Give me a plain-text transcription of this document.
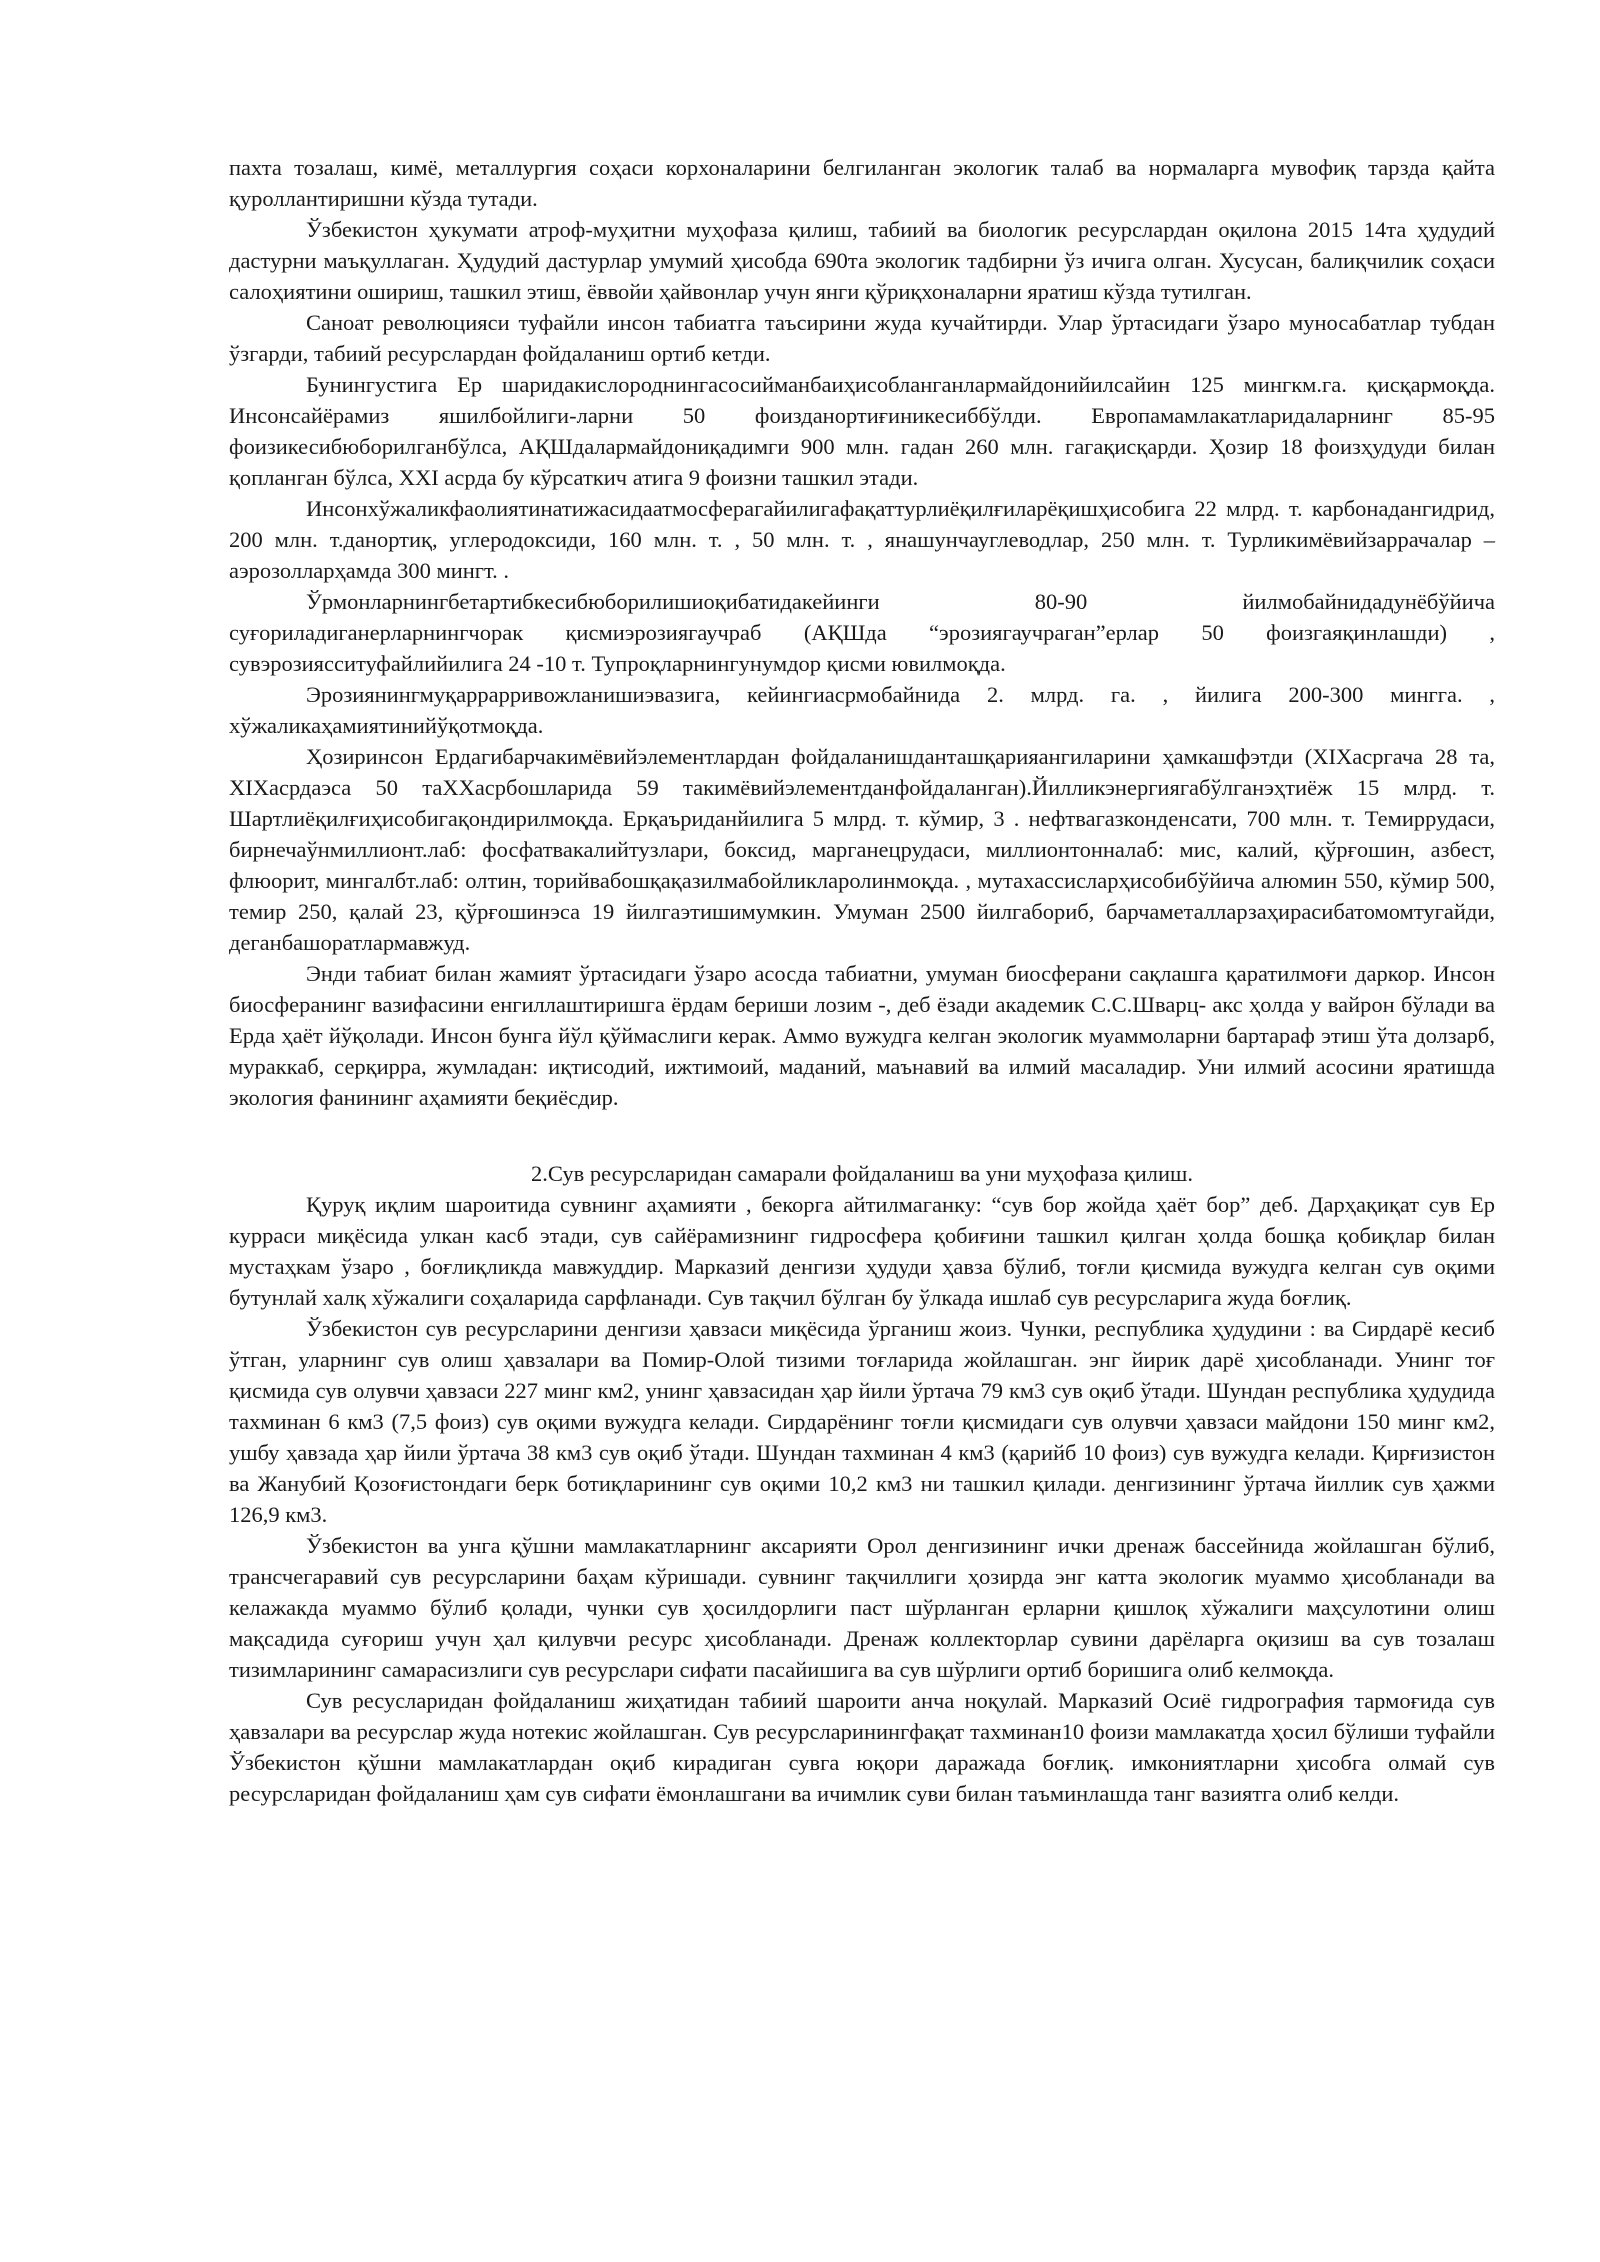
пахта тозалаш, кимё, металлургия соҳаси корхоналарини белгиланган экологик талаб ва нормаларга мувофиқ тарзда қайта қуроллантиришни кўзда тутади.

Ўзбекистон ҳукумати атроф-муҳитни муҳофаза қилиш, табиий ва биологик ресурслардан оқилона 2015 14та ҳудудий дастурни маъқуллаган. Ҳудудий дастурлар умумий ҳисобда 690та экологик тадбирни ўз ичига олган. Хусусан, балиқчилик соҳаси салоҳиятини ошириш, ташкил этиш, ёввойи ҳайвонлар учун янги қўриқхоналарни яратиш кўзда тутилган.

Саноат революцияси туфайли инсон табиатга таъсирини жуда кучайтирди. Улар ўртасидаги ўзаро муносабатлар тубдан ўзгарди, табиий ресурслардан фойдаланиш ортиб кетди.

Бунингустига Ер шаридакислороднингасосийманбаиҳисобланганлармайдонийилсайин 125 мингкм.га. қисқармоқда. Инсонсайёрамиз яшилбойлиги-ларни 50 фоизданортиғиникесиббўлди. Европамамлакатларидаларнинг 85-95 фоизикесибюборилганбўлса, АҚШдалармайдониқадимги 900 млн. гадан 260 млн. гагақисқарди. Ҳозир 18 фоизҳудуди билан қопланган бўлса, XXI асрда бу кўрсаткич атига 9 фоизни ташкил этади.

Инсонхўжаликфаолиятинатижасидаатмосферагайилигафақаттурлиёқилғиларёқишҳисобига 22 млрд. т. карбонадангидрид, 200 млн. т.данортиқ, углеродоксиди, 160 млн. т. , 50 млн. т. , янашунчауглеводлар, 250 млн. т. Турликимёвийзаррачалар – аэрозолларҳамда 300 мингт. .

Ўрмонларнингбетартибкесибюборилишиоқибатидакейинги 80-90 йилмобайнидадунёбўйича суғориладиганерларнингчорак қисмиэрозиягаучраб (АҚШда “эрозиягаучраган”ерлар 50 фоизгаяқинлашди) , сувэрозиясситуфайлийилига 24 -10 т. Тупроқларнингунумдор қисми ювилмоқда.

Эрозиянингмуқаррарривожланишиэвазига, кейингиасрмобайнида 2. млрд. га. , йилига 200-300 мингга. , хўжаликаҳамиятинийўқотмоқда.

Ҳозиринсон Ердагибарчакимёвийэлементлардан фойдаланишданташқарияангиларини ҳамкашфэтди (XIXасргача 28 та, XIXасрдаэса 50 таXXасрбошларида 59 такимёвийэлементданфойдаланган).Йилликэнергиягабўлганэҳтиёж 15 млрд. т. Шартлиёқилғиҳисобигақондирилмоқда. Ерқаъридaнйилига 5 млрд. т. кўмир, 3 . нефтвагазконденсати, 700 млн. т. Темиррудаси, бирнечаўнмиллионт.лаб: фосфатвакалийтузлари, боксид, марганецрудаси, миллионтонналаб: мис, калий, қўрғошин, азбест, флюорит, мингалбт.лаб: олтин, торийвабошқақазилмабойликларолинмоқда. , мутахассисларҳисобибўйича алюмин 550, кўмир 500, темир 250, қалай 23, қўрғошинэса 19 йилгаэтишимумкин. Умуман 2500 йилгабориб, барчаметалларзаҳирасибатомомтугайди, деганбашоратлармавжуд.

Энди табиат билан жамият ўртасидаги ўзаро асосда табиатни, умуман биосферани сақлашга қаратилмоғи даркор. Инсон биосферанинг вазифасини енгиллаштиришга ёрдам бериши лозим -, деб ёзади академик С.С.Шварц- акс ҳолда у вайрон бўлади ва Ерда ҳаёт йўқолади. Инсон бунга йўл қўймаслиги керак. Аммо вужудга келган экологик муаммоларни бартараф этиш ўта долзарб, мураккаб, серқирра, жумладан: иқтисодий, ижтимоий, маданий, маънавий ва илмий масаладир. Уни илмий асосини яратишда экология фанининг аҳамияти беқиёсдир.

2.Сув ресурсларидан самарали фойдаланиш ва уни муҳофаза қилиш.

Қуруқ иқлим шароитида сувнинг аҳамияти , бекорга айтилмаганку: “сув бор жойда ҳаёт бор” деб. Дарҳақиқат сув Ер курраси миқёсида улкан касб этади, сув сайёрамизнинг гидросфера қобиғини ташкил қилган ҳолда бошқа қобиқлар билан мустаҳкам ўзаро , боғлиқликда мавжуддир. Марказий денгизи ҳудуди ҳавза бўлиб, тоғли қисмида вужудга келган сув оқими бутунлай халқ хўжалиги соҳаларида сарфланади. Сув тақчил бўлган бу ўлкада ишлаб сув ресурсларига жуда боғлиқ.

Ўзбекистон сув ресурсларини денгизи ҳавзаси миқёсида ўрганиш жоиз. Чунки, республика ҳудудини : ва Сирдарё кесиб ўтган, уларнинг сув олиш ҳавзалари ва Помир-Олой тизими тоғларида жойлашган. энг йирик дарё ҳисобланади. Унинг тоғ қисмида сув олувчи ҳавзаси 227 минг км2, унинг ҳавзасидан ҳар йили ўртача 79 км3 сув оқиб ўтади. Шундан республика ҳудудида тахминан 6 км3 (7,5 фоиз) сув оқими вужудга келади. Сирдарёнинг тоғли қисмидаги сув олувчи ҳавзаси майдони 150 минг км2, ушбу ҳавзада ҳар йили ўртача 38 км3 сув оқиб ўтади. Шундан тахминан 4 км3 (қарийб 10 фоиз) сув вужудга келади. Қирғизистон ва Жанубий Қозоғистондаги берк ботиқларининг сув оқими 10,2 км3 ни ташкил қилади. денгизининг ўртача йиллик сув ҳажми 126,9 км3.

Ўзбекистон ва унга қўшни мамлакатларнинг аксарияти Орол денгизининг ички дренаж бассейнида жойлашган бўлиб, трансчегаравий сув ресурсларини баҳам кўришади. сувнинг тақчиллиги ҳозирда энг катта экологик муаммо ҳисобланади ва келажакда муаммо бўлиб қолади, чунки сув ҳосилдорлиги паст шўрланган ерларни қишлоқ хўжалиги маҳсулотини олиш мақсадида суғориш учун ҳал қилувчи ресурс ҳисобланади. Дренаж коллекторлар сувини дарёларга оқизиш ва сув тозалаш тизимларининг самарасизлиги сув ресурслари сифати пасайишига ва сув шўрлиги ортиб боришига олиб келмоқда.

Сув ресусларидан фойдаланиш жиҳатидан табиий шароити анча ноқулай. Марказий Осиё гидрография тармоғида сув ҳавзалари ва ресурслар жуда нотекис жойлашган. Сув ресурсларинингфақат тахминан10 фоизи мамлакатда ҳосил бўлиши туфайли Ўзбекистон қўшни мамлакатлардан оқиб кирадиган сувга юқори даражада боғлиқ. имкониятларни ҳисобга олмай сув ресурсларидан фойдаланиш ҳам сув сифати ёмонлашгани ва ичимлик суви билан таъминлашда танг вазиятга олиб келди.
